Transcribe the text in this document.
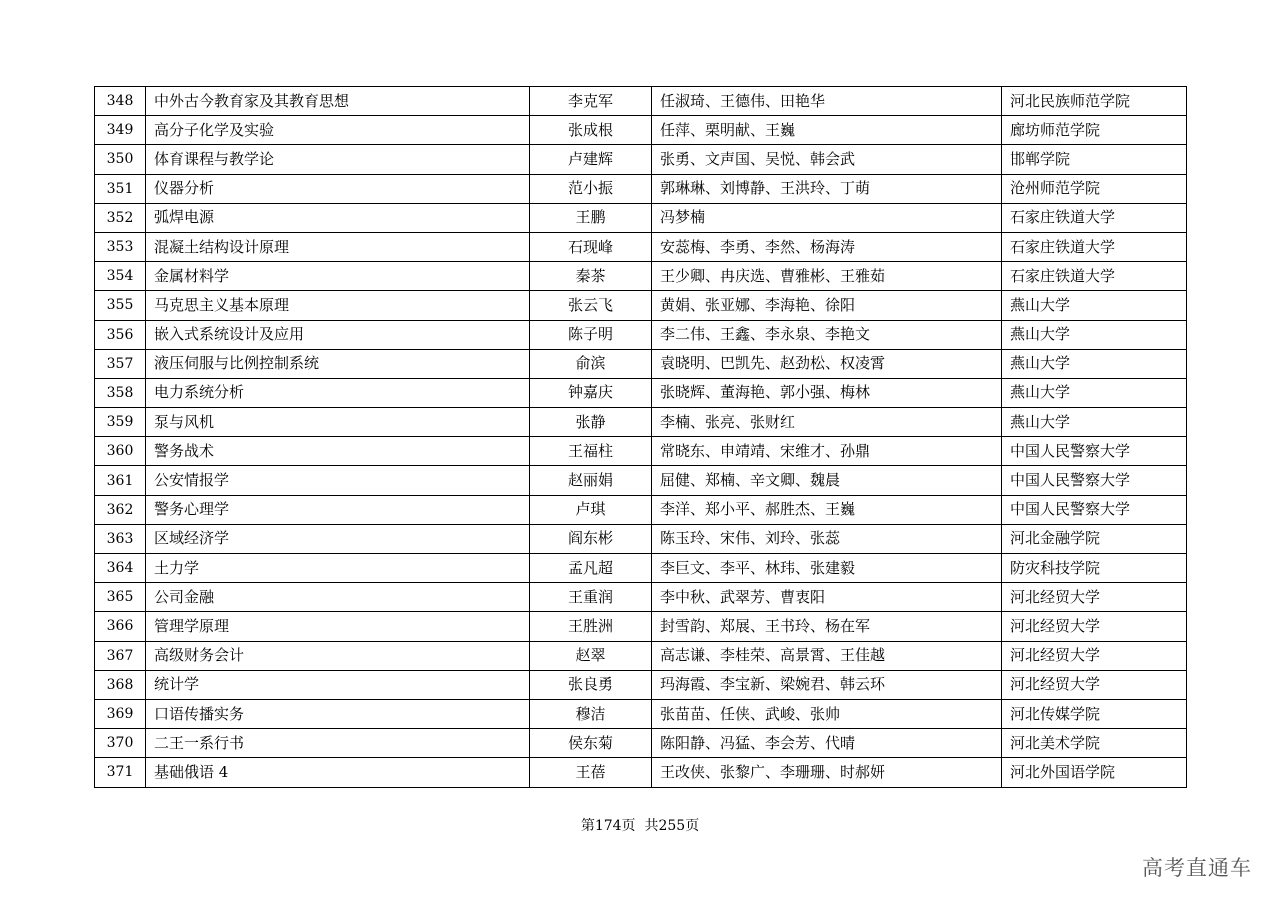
348	中外古今教育家及其教育思想	李克军	任淑琦、王德伟、田艳华	河北民族师范学院
349	高分子化学及实验	张成根	任萍、栗明献、王巍	廊坊师范学院
350	体育课程与教学论	卢建辉	张勇、文声国、吴悦、韩会武	邯郸学院
351	仪器分析	范小振	郭琳琳、刘博静、王洪玲、丁萌	沧州师范学院
352	弧焊电源	王鹏	冯梦楠	石家庄铁道大学
353	混凝土结构设计原理	石现峰	安蕊梅、李勇、李然、杨海涛	石家庄铁道大学
354	金属材料学	秦茶	王少卿、冉庆选、曹雅彬、王雅茹	石家庄铁道大学
355	马克思主义基本原理	张云飞	黄娟、张亚娜、李海艳、徐阳	燕山大学
356	嵌入式系统设计及应用	陈子明	李二伟、王鑫、李永泉、李艳文	燕山大学
357	液压伺服与比例控制系统	俞滨	袁晓明、巴凯先、赵劲松、权凌霄	燕山大学
358	电力系统分析	钟嘉庆	张晓辉、董海艳、郭小强、梅林	燕山大学
359	泵与风机	张静	李楠、张亮、张财红	燕山大学
360	警务战术	王福柱	常晓东、申靖靖、宋维才、孙鼎	中国人民警察大学
361	公安情报学	赵丽娟	屈健、郑楠、辛文卿、魏晨	中国人民警察大学
362	警务心理学	卢琪	李洋、郑小平、郝胜杰、王巍	中国人民警察大学
363	区域经济学	阎东彬	陈玉玲、宋伟、刘玲、张蕊	河北金融学院
364	土力学	孟凡超	李巨文、李平、林玮、张建毅	防灾科技学院
365	公司金融	王重润	李中秋、武翠芳、曹衷阳	河北经贸大学
366	管理学原理	王胜洲	封雪韵、郑展、王书玲、杨在军	河北经贸大学
367	高级财务会计	赵翠	高志谦、李桂荣、高景霄、王佳越	河北经贸大学
368	统计学	张良勇	玛海霞、李宝新、梁婉君、韩云环	河北经贸大学
369	口语传播实务	穆洁	张苗苗、任侠、武峻、张帅	河北传媒学院
370	二王一系行书	侯东菊	陈阳静、冯猛、李会芳、代晴	河北美术学院
371	基础俄语 4	王蓓	王改侠、张黎广、李珊珊、时郝妍	河北外国语学院
第174页  共255页
高考直通车
